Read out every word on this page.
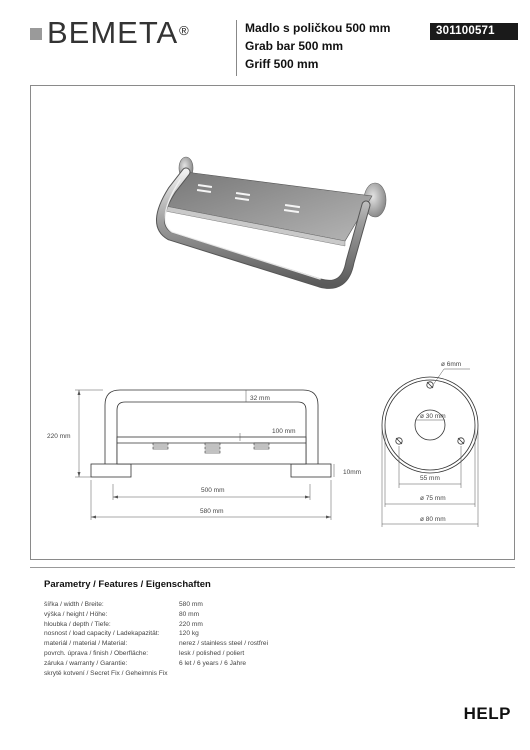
BEMETA ®	Madlo s poličkou 500 mm
Grab bar 500 mm
Griff 500 mm
301100571
220 mm
32 mm
100 mm
10mm
500 mm
580 mm
ø 6mm
ø 30 mm
55 mm
ø 75 mm
ø 80 mm
Parametry / Features / Eigenschaften
šířka / width / Breite:	580 mm
výška / height / Höhe:	80 mm
hloubka / depth / Tiefe:	220 mm
nosnost / load capacity / Ladekapazität:	120 kg
materiál / material / Material:	nerez / stainless steel / rostfrei
povrch. úprava / finish / Oberfläche:	lesk / polished / poliert
záruka / warranty / Garantie:	6 let / 6 years / 6 Jahre
skrytě kotvení / Secret Fix / Geheimnis Fix
HELP
